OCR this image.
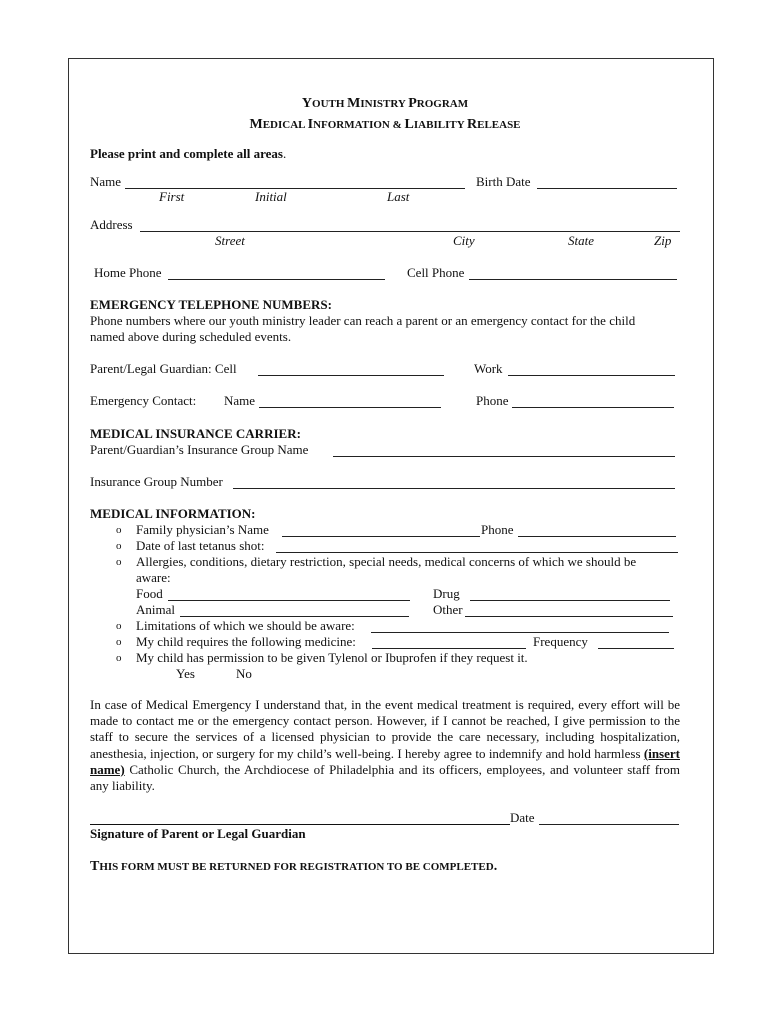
YOUTH MINISTRY PROGRAM
MEDICAL INFORMATION & LIABILITY RELEASE
Please print and complete all areas.
Name	Birth Date
First	Initial	Last
Address
Street	City	State	Zip
Home Phone	Cell Phone
EMERGENCY TELEPHONE NUMBERS:
Phone numbers where our youth ministry leader can reach a parent or an emergency contact for the child
named above during scheduled events.
Parent/Legal Guardian: Cell	Work
Emergency Contact: Name	Phone
MEDICAL INSURANCE CARRIER:
Parent/Guardian’s Insurance Group Name
Insurance Group Number
MEDICAL INFORMATION:
o Family physician’s Name	Phone
o Date of last tetanus shot:
o Allergies, conditions, dietary restriction, special needs, medical concerns of which we should be
aware:
Food	Drug
Animal	Other
o Limitations of which we should be aware:
o My child requires the following medicine:	Frequency
o My child has permission to be given Tylenol or Ibuprofen if they request it.
Yes	No
In case of Medical Emergency I understand that, in the event medical treatment is required, every effort will be made to contact me or the emergency contact person. However, if I cannot be reached, I give permission to the staff to secure the services of a licensed physician to provide the care necessary, including hospitalization, anesthesia, injection, or surgery for my child’s well-being. I hereby agree to indemnify and hold harmless (insert name) Catholic Church, the Archdiocese of Philadelphia and its officers, employees, and volunteer staff from any liability.
Date
Signature of Parent or Legal Guardian
THIS FORM MUST BE RETURNED FOR REGISTRATION TO BE COMPLETED.
